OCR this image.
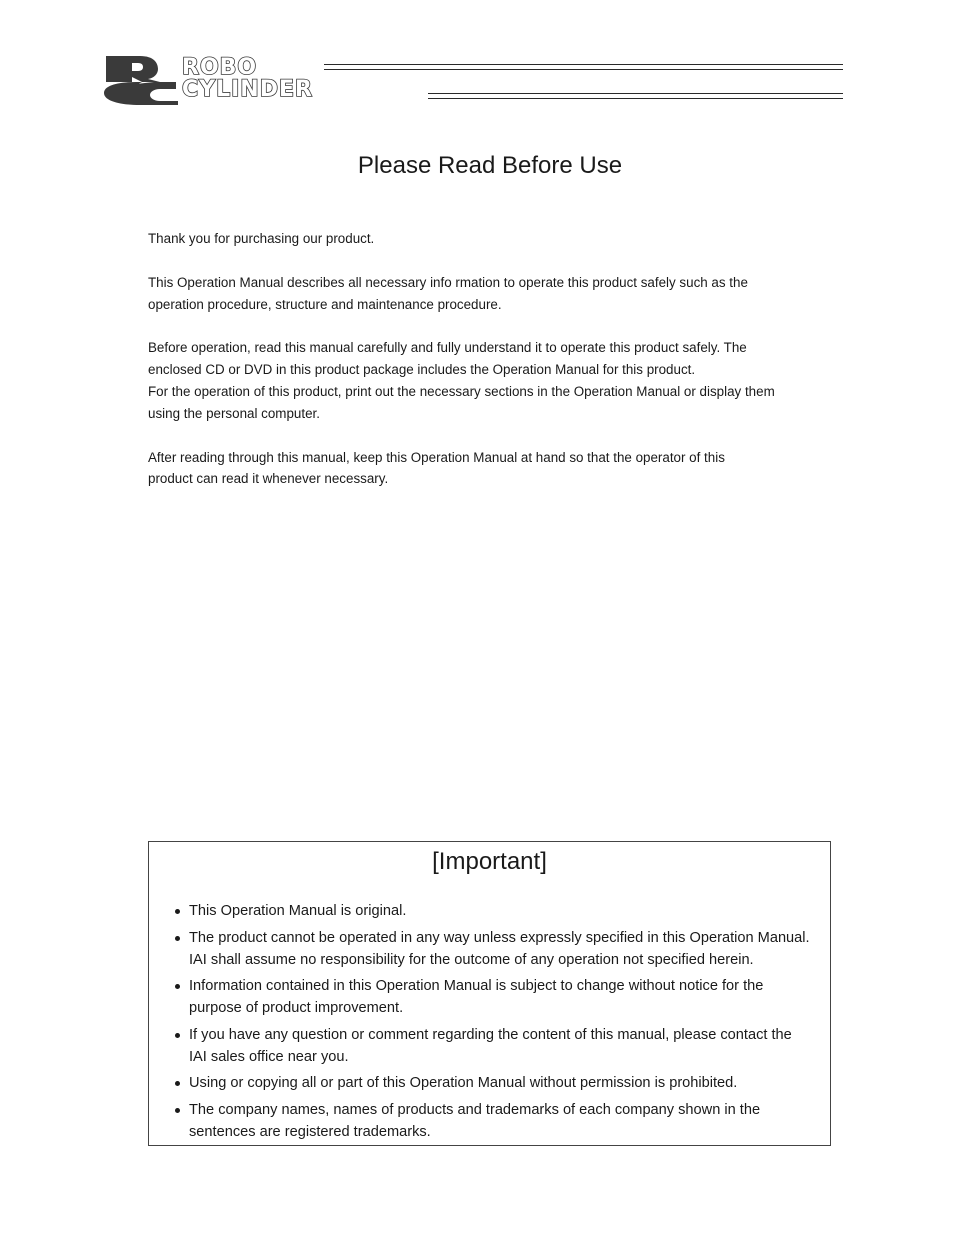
ROBO
CYLINDER
Please Read Before Use

Thank you for purchasing our product.

This Operation Manual describes all necessary info rmation to operate this product safely such as the
operation procedure, structure and maintenance procedure.

Before operation, read this manual carefully and fully understand it to operate this product safely. The
enclosed CD or DVD in this product package includes the Operation Manual for this product.
For the operation of this product, print out the necessary sections in the Operation Manual or display them
using the personal computer.

After reading through this manual, keep this Operation Manual at hand so that the operator of this
product can read it whenever necessary.

[Important]
This Operation Manual is original.
The product cannot be operated in any way unless expressly specified in this Operation Manual.
IAI shall assume no responsibility for the outcome of any operation not specified herein.
Information contained in this Operation Manual is subject to change without notice for the
purpose of product improvement.
If you have any question or comment regarding the content of this manual, please contact the
IAI sales office near you.
Using or copying all or part of this Operation Manual without permission is prohibited.
The company names, names of products and trademarks of each company shown in the
sentences are registered trademarks.
